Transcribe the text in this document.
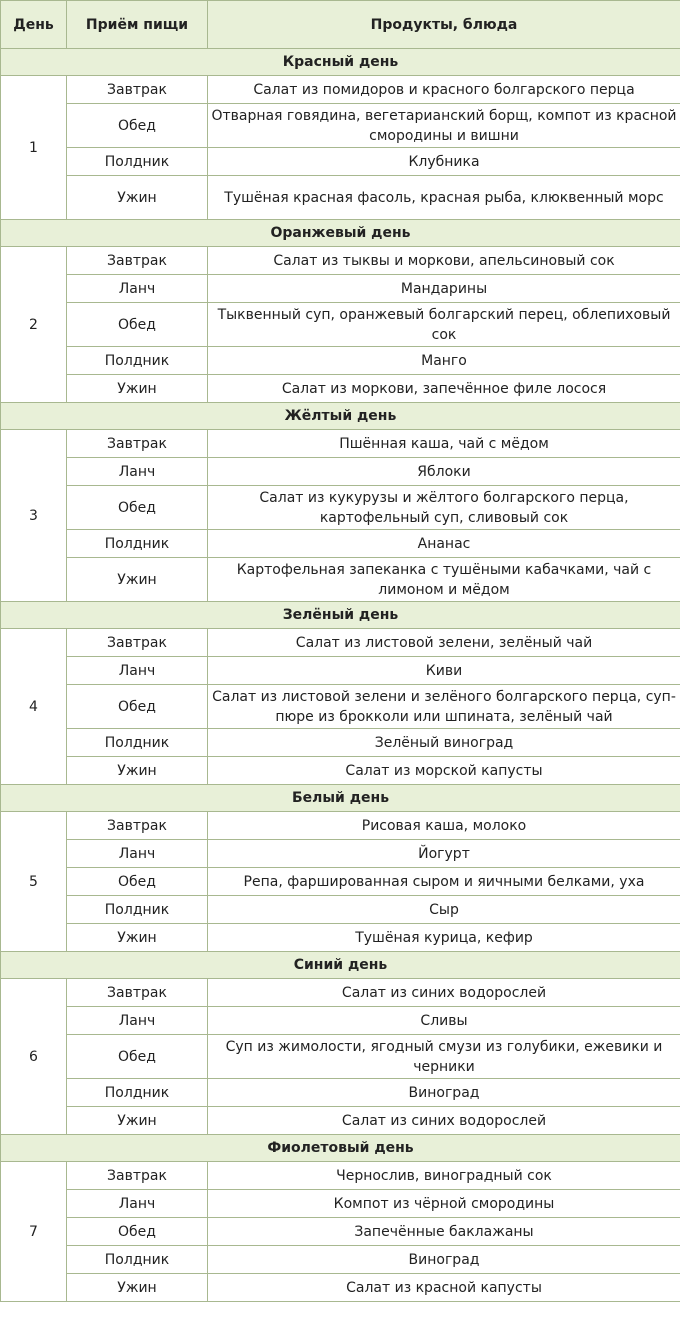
День	Приём пищи	Продукты, блюда
Красный день		
1	Завтрак	Салат из помидоров и красного болгарского перца
	Обед	Отварная говядина, вегетарианский борщ, компот из красной смородины и вишни
	Полдник	Клубника
	Ужин	Тушёная красная фасоль, красная рыба, клюквенный морс
Оранжевый день		
2	Завтрак	Салат из тыквы и моркови, апельсиновый сок
	Ланч	Мандарины
	Обед	Тыквенный суп, оранжевый болгарский перец, облепиховый сок
	Полдник	Манго
	Ужин	Салат из моркови, запечённое филе лосося
Жёлтый день		
3	Завтрак	Пшённая каша, чай с мёдом
	Ланч	Яблоки
	Обед	Салат из кукурузы и жёлтого болгарского перца, картофельный суп, сливовый сок
	Полдник	Ананас
	Ужин	Картофельная запеканка с тушёными кабачками, чай с лимоном и мёдом
Зелёный день		
4	Завтрак	Салат из листовой зелени, зелёный чай
	Ланч	Киви
	Обед	Салат из листовой зелени и зелёного болгарского перца, суп-пюре из брокколи или шпината, зелёный чай
	Полдник	Зелёный виноград
	Ужин	Салат из морской капусты
Белый день		
5	Завтрак	Рисовая каша, молоко
	Ланч	Йогурт
	Обед	Репа, фаршированная сыром и яичными белками, уха
	Полдник	Сыр
	Ужин	Тушёная курица, кефир
Синий день		
6	Завтрак	Салат из синих водорослей
	Ланч	Сливы
	Обед	Суп из жимолости, ягодный смузи из голубики, ежевики и черники
	Полдник	Виноград
	Ужин	Салат из синих водорослей
Фиолетовый день		
7	Завтрак	Чернослив, виноградный сок
	Ланч	Компот из чёрной смородины
	Обед	Запечённые баклажаны
	Полдник	Виноград
	Ужин	Салат из красной капусты
